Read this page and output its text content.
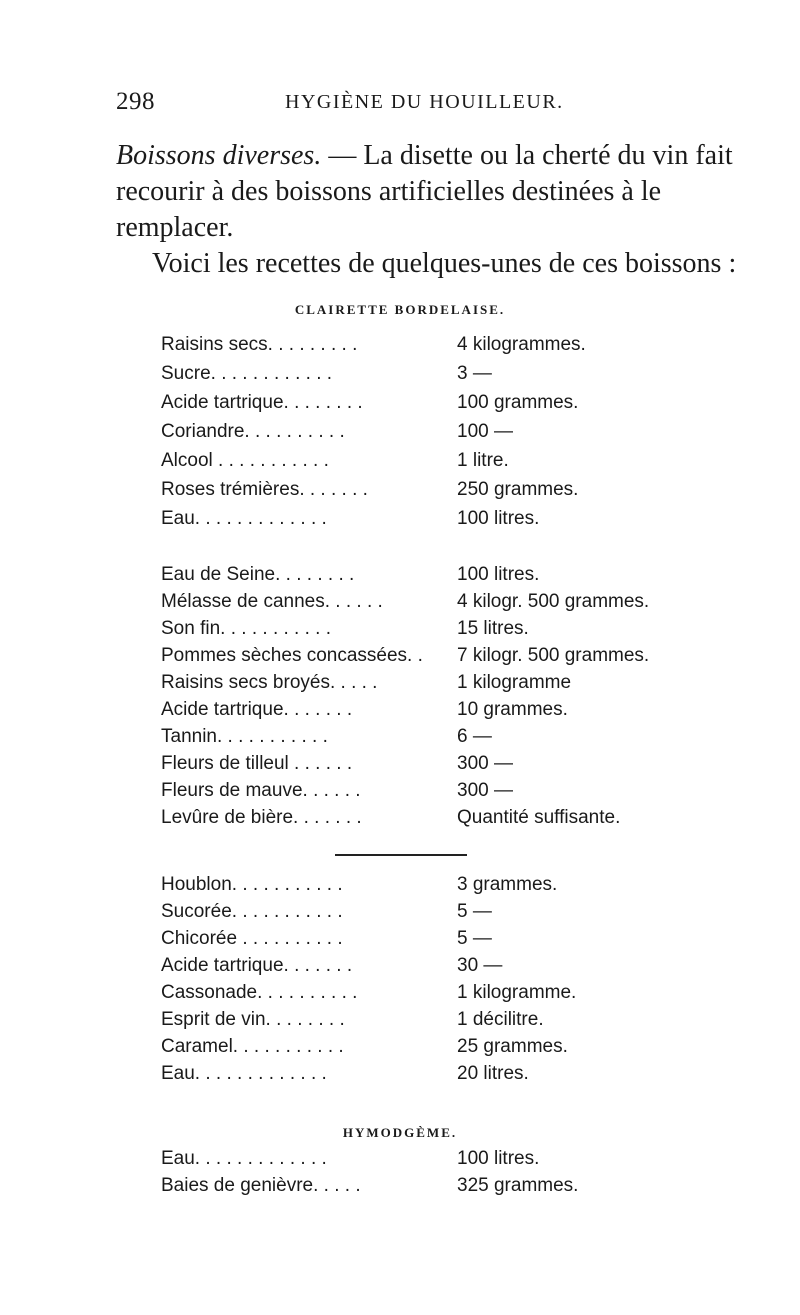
298	HYGIÈNE DU HOUILLEUR.

Boissons diverses. — La disette ou la cherté du vin fait recourir à des boissons artificielles destinées à le remplacer.

Voici les recettes de quelques-unes de ces boissons :

CLAIRETTE BORDELAISE.
Raisins secs. . . . . . . . .	4 kilogrammes.
Sucre. . . . . . . . . . . .	3 —
Acide tartrique. . . . . . . .	100 grammes.
Coriandre. . . . . . . . . .	100 —
Alcool . . . . . . . . . . .	1 litre.
Roses trémières. . . . . . .	250 grammes.
Eau. . . . . . . . . . . . .	100 litres.
Eau de Seine. . . . . . . .	100 litres.
Mélasse de cannes. . . . . .	4 kilogr. 500 grammes.
Son fin. . . . . . . . . . .	15 litres.
Pommes sèches concassées. . 7 kilogr. 500 grammes.
Raisins secs broyés. . . . .	1 kilogramme
Acide tartrique. . . . . . .	10 grammes.
Tannin. . . . . . . . . . .	6 —
Fleurs de tilleul . . . . . .	300 —
Fleurs de mauve. . . . . .	300 —
Levûre de bière. . . . . . .	Quantité suffisante.
Houblon. . . . . . . . . . .	3 grammes.
Sucorée. . . . . . . . . . .	5 —
Chicorée . . . . . . . . . .	5 —
Acide tartrique. . . . . . .	30 —
Cassonade. . . . . . . . . .	1 kilogramme.
Esprit de vin. . . . . . . .	1 décilitre.
Caramel. . . . . . . . . . .	25 grammes.
Eau. . . . . . . . . . . . .	20 litres.
HYMODGÈME.
Eau. . . . . . . . . . . . .	100 litres.
Baies de genièvre. . . . .	325 grammes.
